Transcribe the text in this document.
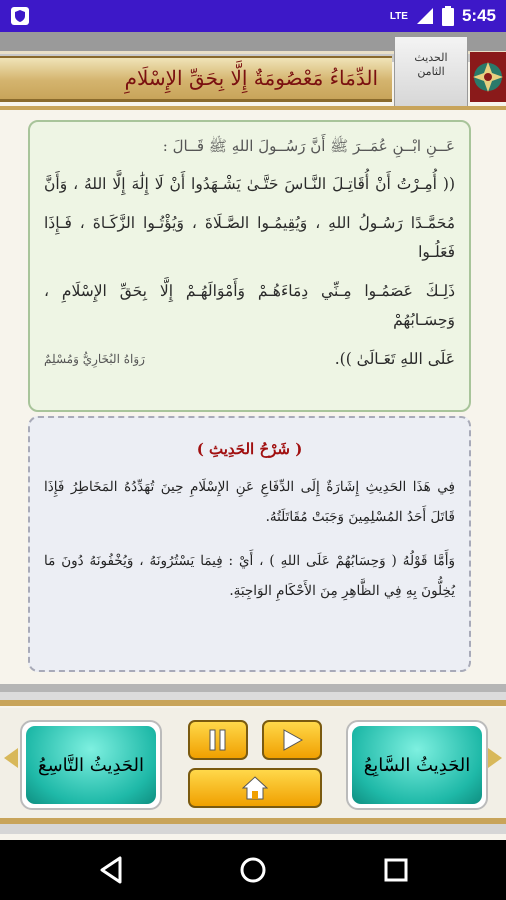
LTE	5:45
الدِّمَاءُ مَعْصُومَةٌ إِلَّا بِحَقِّ الإِسْلَامِ
الحديث
الثامن
عَــنِ ابْــنِ عُمَــرَ ﷺ أَنَّ رَسُــولَ اللهِ ﷺ قَــالَ :
(( أُمِـرْتُ أَنْ أُقَاتِـلَ النَّـاسَ حَتَّـىٰ يَشْـهَدُوا أَنْ لَا إِلَٰهَ إِلَّا اللهُ ، وَأَنَّ
مُحَمَّـدًا رَسُـولُ اللهِ ، وَيُقِيمُـوا الصَّـلَاةَ ، وَيُؤْتُـوا الزَّكَـاةَ ، فَـإِذَا فَعَلُـوا
ذَلِـكَ عَصَمُـوا مِـنِّي دِمَاءَهُـمْ وَأَمْوَالَهُـمْ إِلَّا بِحَقِّ الإِسْلَامِ ، وَحِسَـابُهُمْ
عَلَى اللهِ تَعَـالَىٰ )).
رَوَاهُ البُخَارِيُّ وَمُسْلِمٌ
( شَرْحُ الحَدِيثِ )

فِي هَذَا الحَدِيثِ إِشَارَةٌ إِلَى الدِّفَاعِ عَنِ الإِسْلَامِ حِينَ تُهَدِّدُهُ المَخَاطِرُ فَإِذَا قَاتَلَ أَحَدُ المُسْلِمِينَ وَجَبَتْ مُقَاتَلَتُهُ.

وَأَمَّا قَوْلُهُ ( وَحِسَابُهُمْ عَلَى اللهِ ) ، أَيْ : فِيمَا يَسْتُرُونَهُ ، وَيُخْفُونَهُ دُونَ مَا يُخِلُّونَ بِهِ فِي الظَّاهِرِ مِنَ الأَحْكَامِ الوَاجِبَةِ.

الحَدِيثُ التَّاسِعُ	الحَدِيثُ السَّابِعُ
